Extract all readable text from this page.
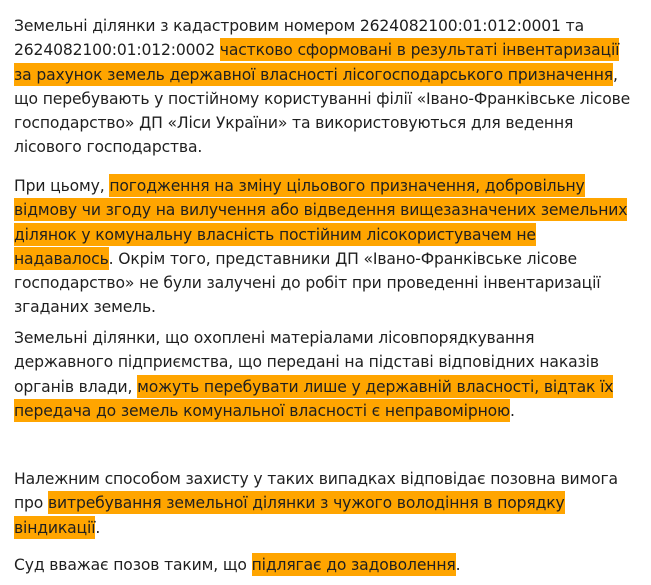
Земельні ділянки з кадастровим номером 2624082100:01:012:0001 та 2624082100:01:012:0002 частково сформовані в результаті інвентаризації за рахунок земель державної власності лісогосподарського призначення, що перебувають у постійному користуванні філії «Івано-Франківське лісове господарство» ДП «Ліси України» та використовуються для ведення лісового господарства.

При цьому, погодження на зміну цільового призначення, добровільну відмову чи згоду на вилучення або відведення вищезазначених земельних ділянок у комунальну власність постійним лісокористувачем не надавалось. Окрім того, представники ДП «Івано-Франківське лісове господарство» не були залучені до робіт при проведенні інвентаризації згаданих земель.

Земельні ділянки, що охоплені матеріалами лісовпорядкування державного підприємства, що передані на підставі відповідних наказів органів влади, можуть перебувати лише у державній власності, відтак їх передача до земель комунальної власності є неправомірною.

Належним способом захисту у таких випадках відповідає позовна вимога про витребування земельної ділянки з чужого володіння в порядку віндикації.

Суд вважає позов таким, що підлягає до задоволення.
